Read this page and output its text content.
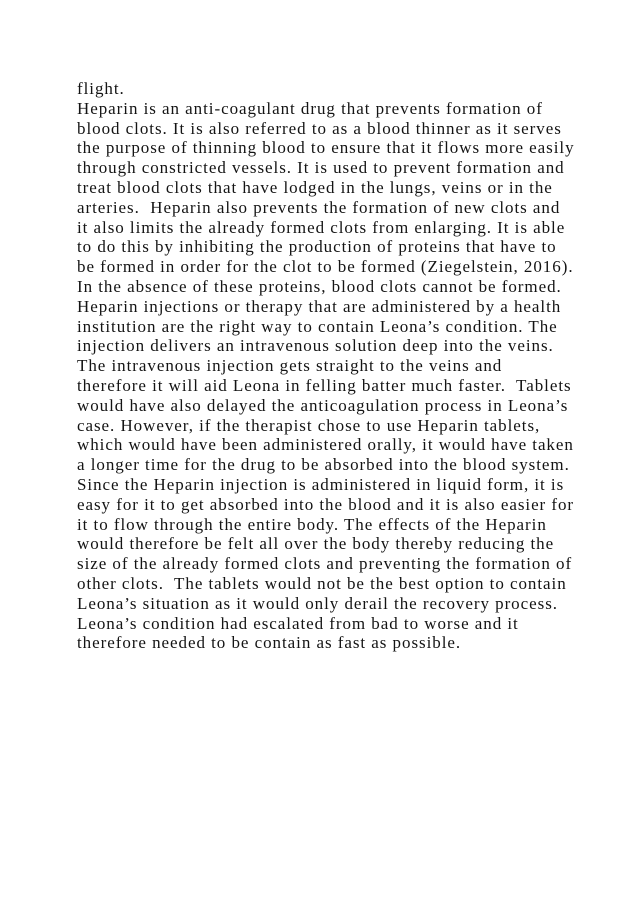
flight.
Heparin is an anti-coagulant drug that prevents formation of
blood clots. It is also referred to as a blood thinner as it serves
the purpose of thinning blood to ensure that it flows more easily
through constricted vessels. It is used to prevent formation and
treat blood clots that have lodged in the lungs, veins or in the
arteries.  Heparin also prevents the formation of new clots and
it also limits the already formed clots from enlarging. It is able
to do this by inhibiting the production of proteins that have to
be formed in order for the clot to be formed (Ziegelstein, 2016).
In the absence of these proteins, blood clots cannot be formed.
Heparin injections or therapy that are administered by a health
institution are the right way to contain Leona’s condition. The
injection delivers an intravenous solution deep into the veins.
The intravenous injection gets straight to the veins and
therefore it will aid Leona in felling batter much faster.  Tablets
would have also delayed the anticoagulation process in Leona’s
case. However, if the therapist chose to use Heparin tablets,
which would have been administered orally, it would have taken
a longer time for the drug to be absorbed into the blood system.
Since the Heparin injection is administered in liquid form, it is
easy for it to get absorbed into the blood and it is also easier for
it to flow through the entire body. The effects of the Heparin
would therefore be felt all over the body thereby reducing the
size of the already formed clots and preventing the formation of
other clots.  The tablets would not be the best option to contain
Leona’s situation as it would only derail the recovery process.
Leona’s condition had escalated from bad to worse and it
therefore needed to be contain as fast as possible.
